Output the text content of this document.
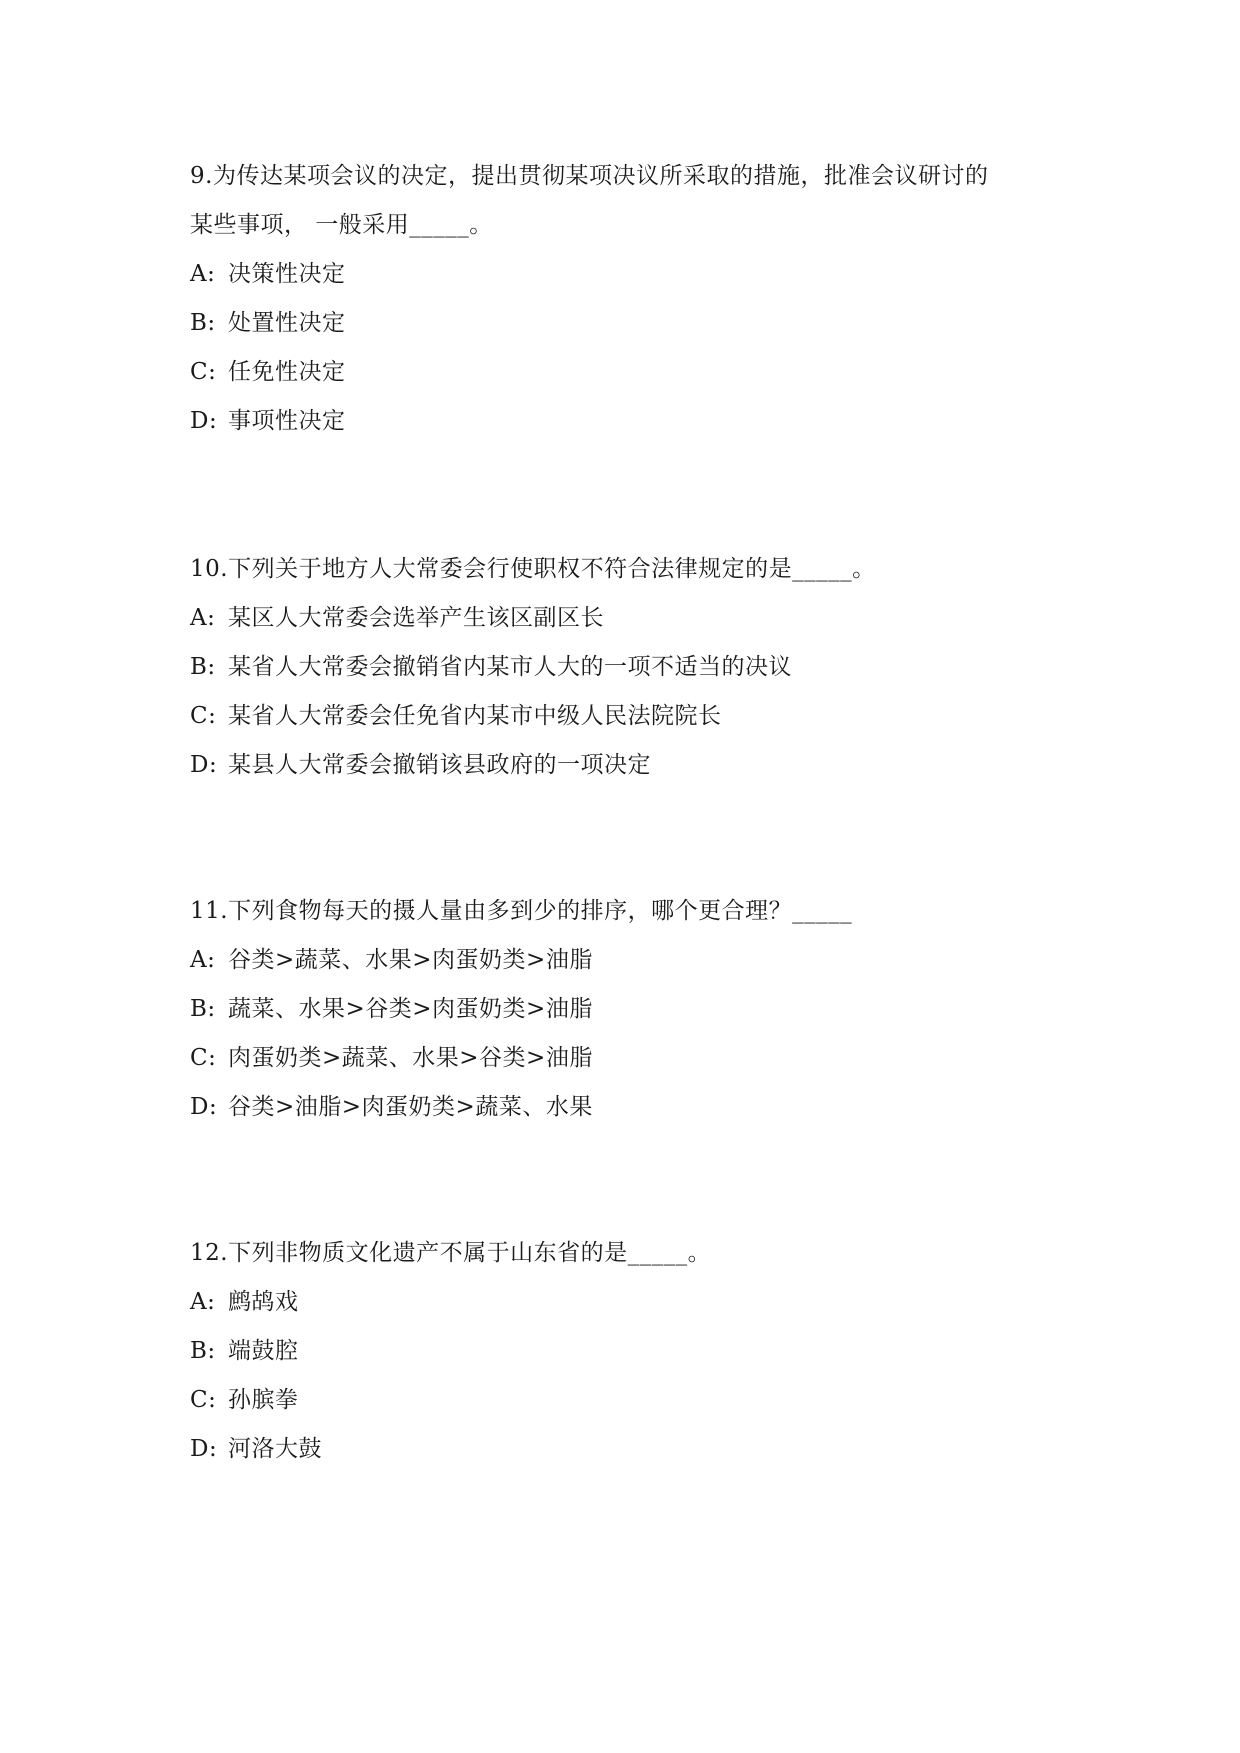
9.为传达某项会议的决定，提出贯彻某项决议所采取的措施，批准会议研讨的
某些事项， 一般采用_____。
A: 决策性决定
B: 处置性决定
C: 任免性决定
D: 事项性决定
10.下列关于地方人大常委会行使职权不符合法律规定的是_____。
A: 某区人大常委会选举产生该区副区长
B: 某省人大常委会撤销省内某市人大的一项不适当的决议
C: 某省人大常委会任免省内某市中级人民法院院长
D: 某县人大常委会撤销该县政府的一项决定
11.下列食物每天的摄人量由多到少的排序，哪个更合理？_____
A: 谷类>蔬菜、水果>肉蛋奶类>油脂
B: 蔬菜、水果>谷类>肉蛋奶类>油脂
C: 肉蛋奶类>蔬菜、水果>谷类>油脂
D: 谷类>油脂>肉蛋奶类>蔬菜、水果
12.下列非物质文化遗产不属于山东省的是_____。
A: 鹧鸪戏
B: 端鼓腔
C: 孙膑拳
D: 河洛大鼓
